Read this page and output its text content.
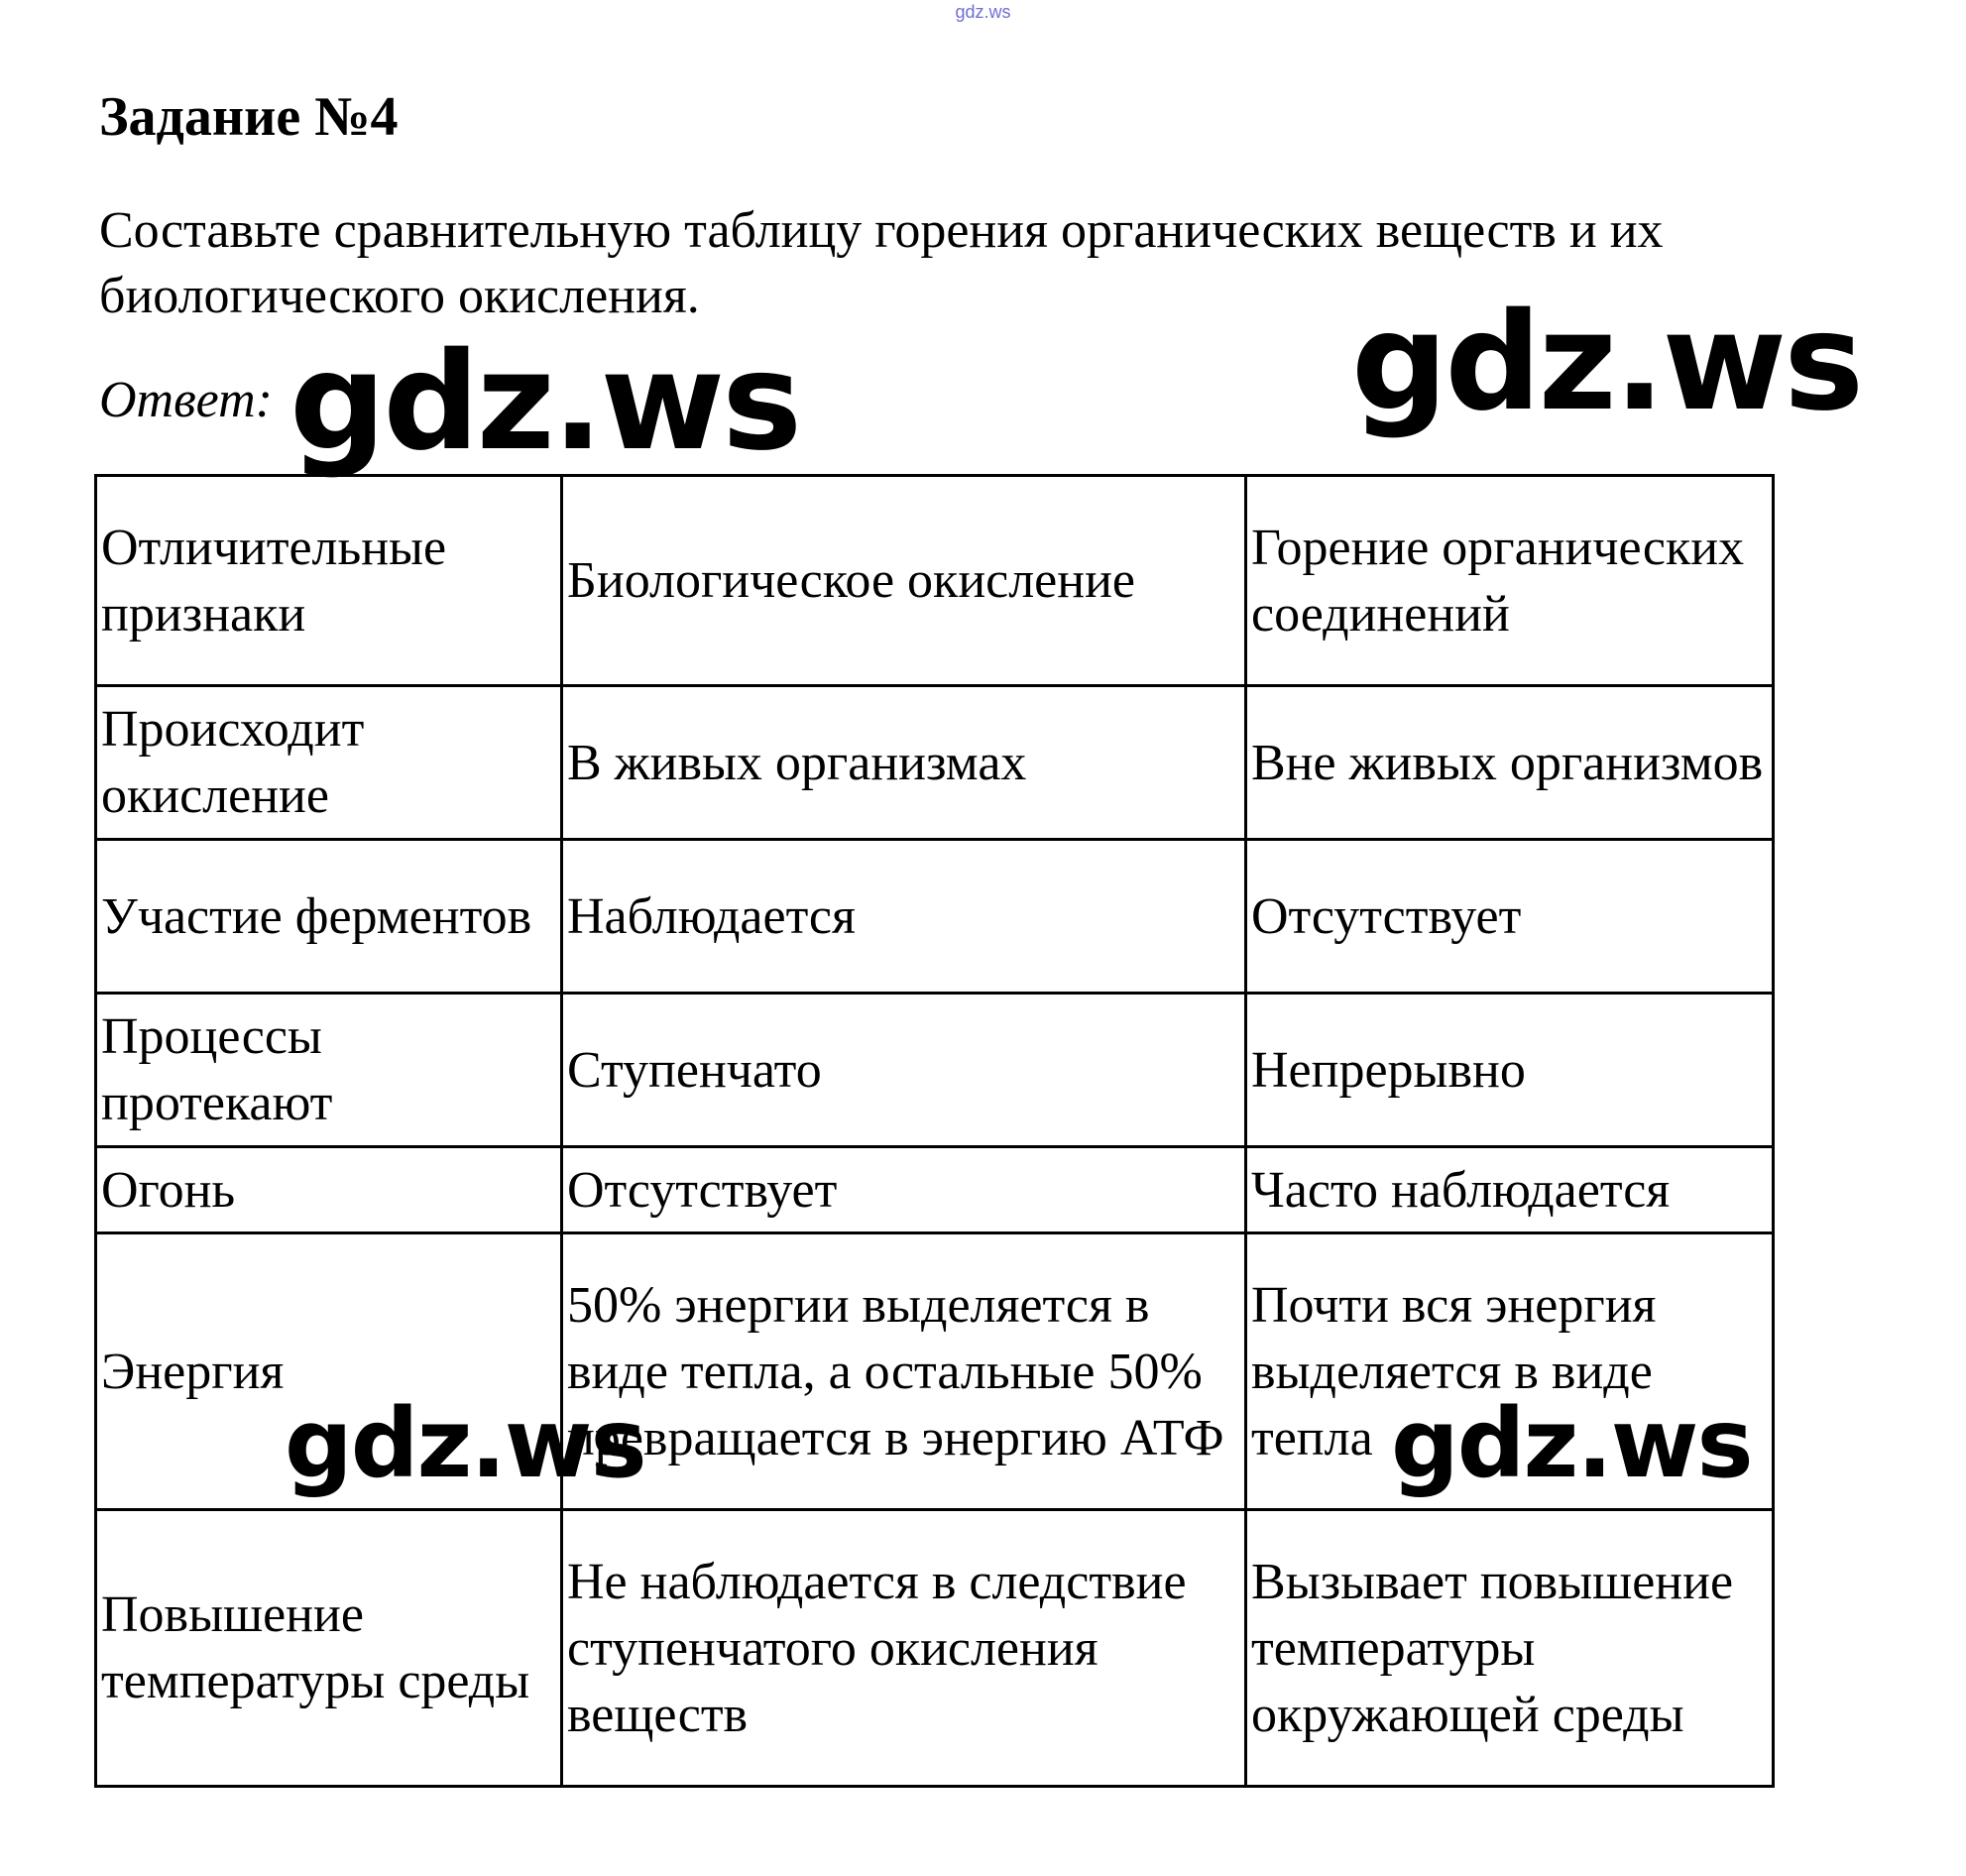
gdz.ws
Задание №4
Составьте сравнительную таблицу горения органических веществ и их биологического окисления.
Ответ:
Отличительные признаки	Биологическое окисление	Горение органических соединений
Происходит окисление	В живых организмах	Вне живых организмов
Участие ферментов	Наблюдается	Отсутствует
Процессы протекают	Ступенчато	Непрерывно
Огонь	Отсутствует	Часто наблюдается
Энергия	50% энергии выделяется в виде тепла, а остальные 50% превращается в энергию АТФ	Почти вся энергия выделяется в виде тепла
Повышение температуры среды	Не наблюдается в следствие ступенчатого окисления веществ	Вызывает повышение температуры окружающей среды
gdz.ws	gdz.ws
gdz.ws	gdz.ws
